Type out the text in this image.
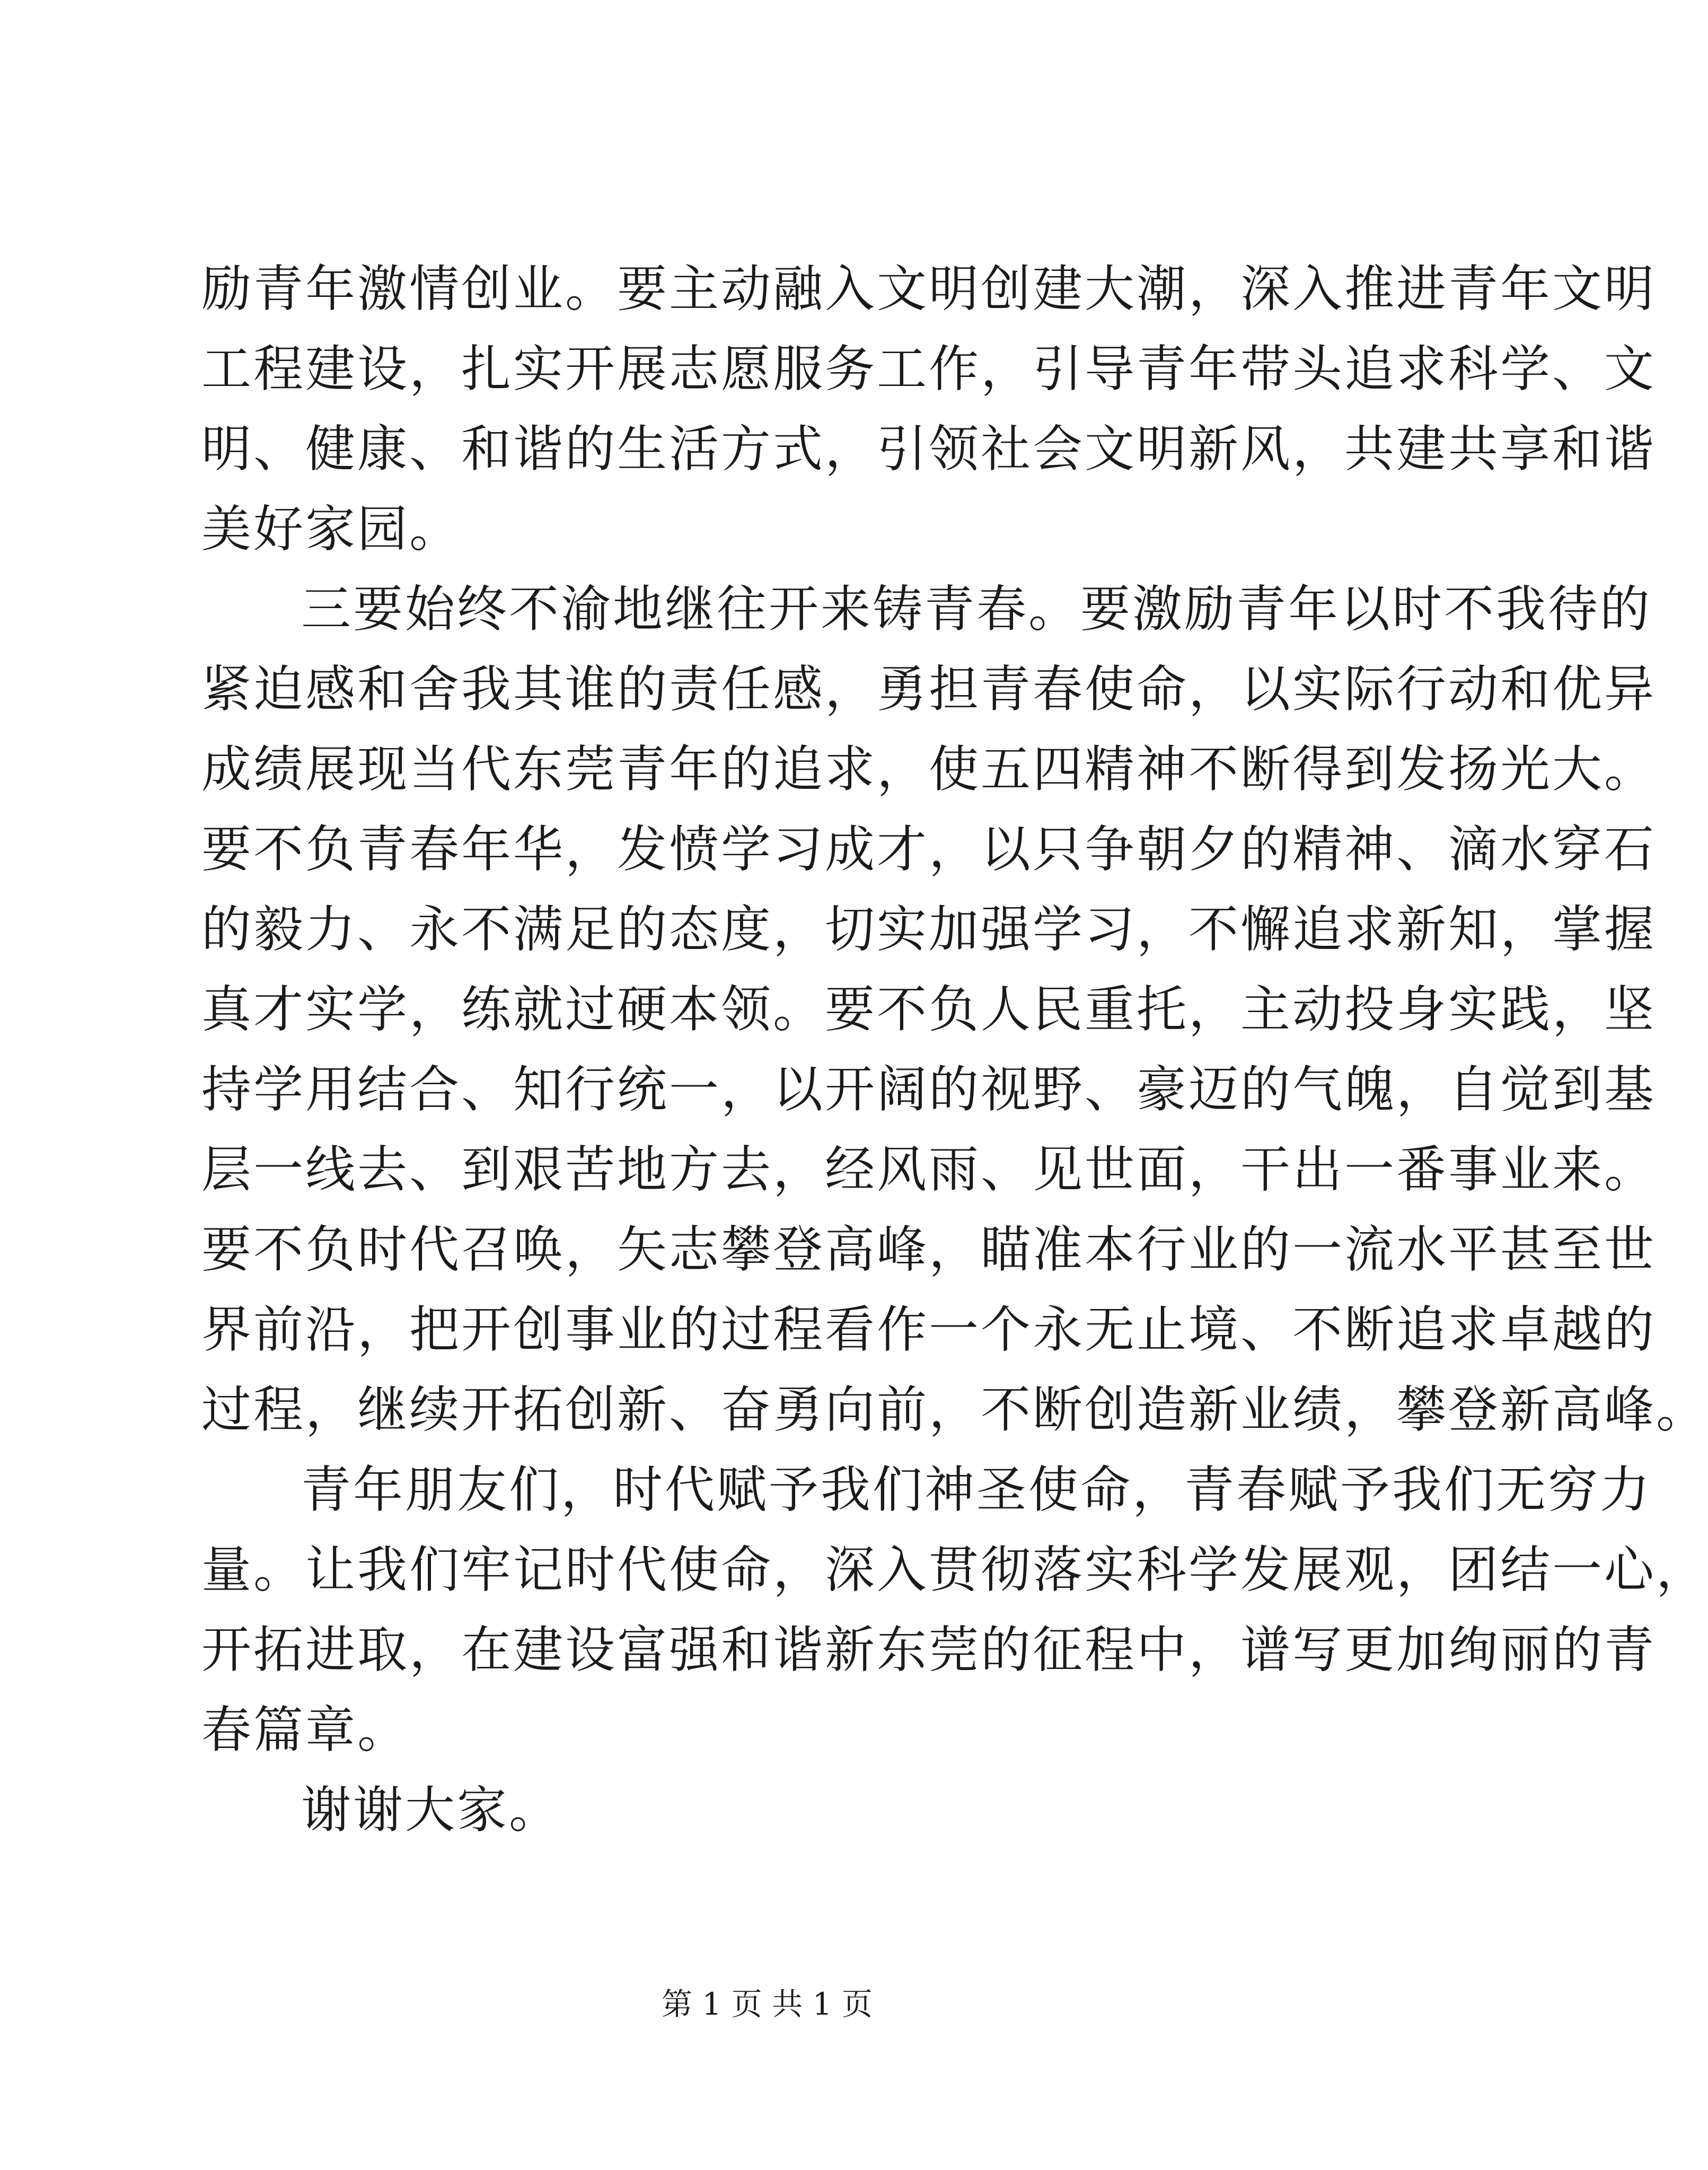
励青年激情创业。要主动融入文明创建大潮，深入推进青年文明
工程建设，扎实开展志愿服务工作，引导青年带头追求科学、文
明、健康、和谐的生活方式，引领社会文明新风，共建共享和谐
美好家园。
三要始终不渝地继往开来铸青春。要激励青年以时不我待的
紧迫感和舍我其谁的责任感，勇担青春使命，以实际行动和优异
成绩展现当代东莞青年的追求，使五四精神不断得到发扬光大。
要不负青春年华，发愤学习成才，以只争朝夕的精神、滴水穿石
的毅力、永不满足的态度，切实加强学习，不懈追求新知，掌握
真才实学，练就过硬本领。要不负人民重托，主动投身实践，坚
持学用结合、知行统一，以开阔的视野、豪迈的气魄，自觉到基
层一线去、到艰苦地方去，经风雨、见世面，干出一番事业来。
要不负时代召唤，矢志攀登高峰，瞄准本行业的一流水平甚至世
界前沿，把开创事业的过程看作一个永无止境、不断追求卓越的
过程，继续开拓创新、奋勇向前，不断创造新业绩，攀登新高峰。
青年朋友们，时代赋予我们神圣使命，青春赋予我们无穷力
量。让我们牢记时代使命，深入贯彻落实科学发展观，团结一心，
开拓进取，在建设富强和谐新东莞的征程中，谱写更加绚丽的青
春篇章。
谢谢大家。
第 1 页 共 1 页
